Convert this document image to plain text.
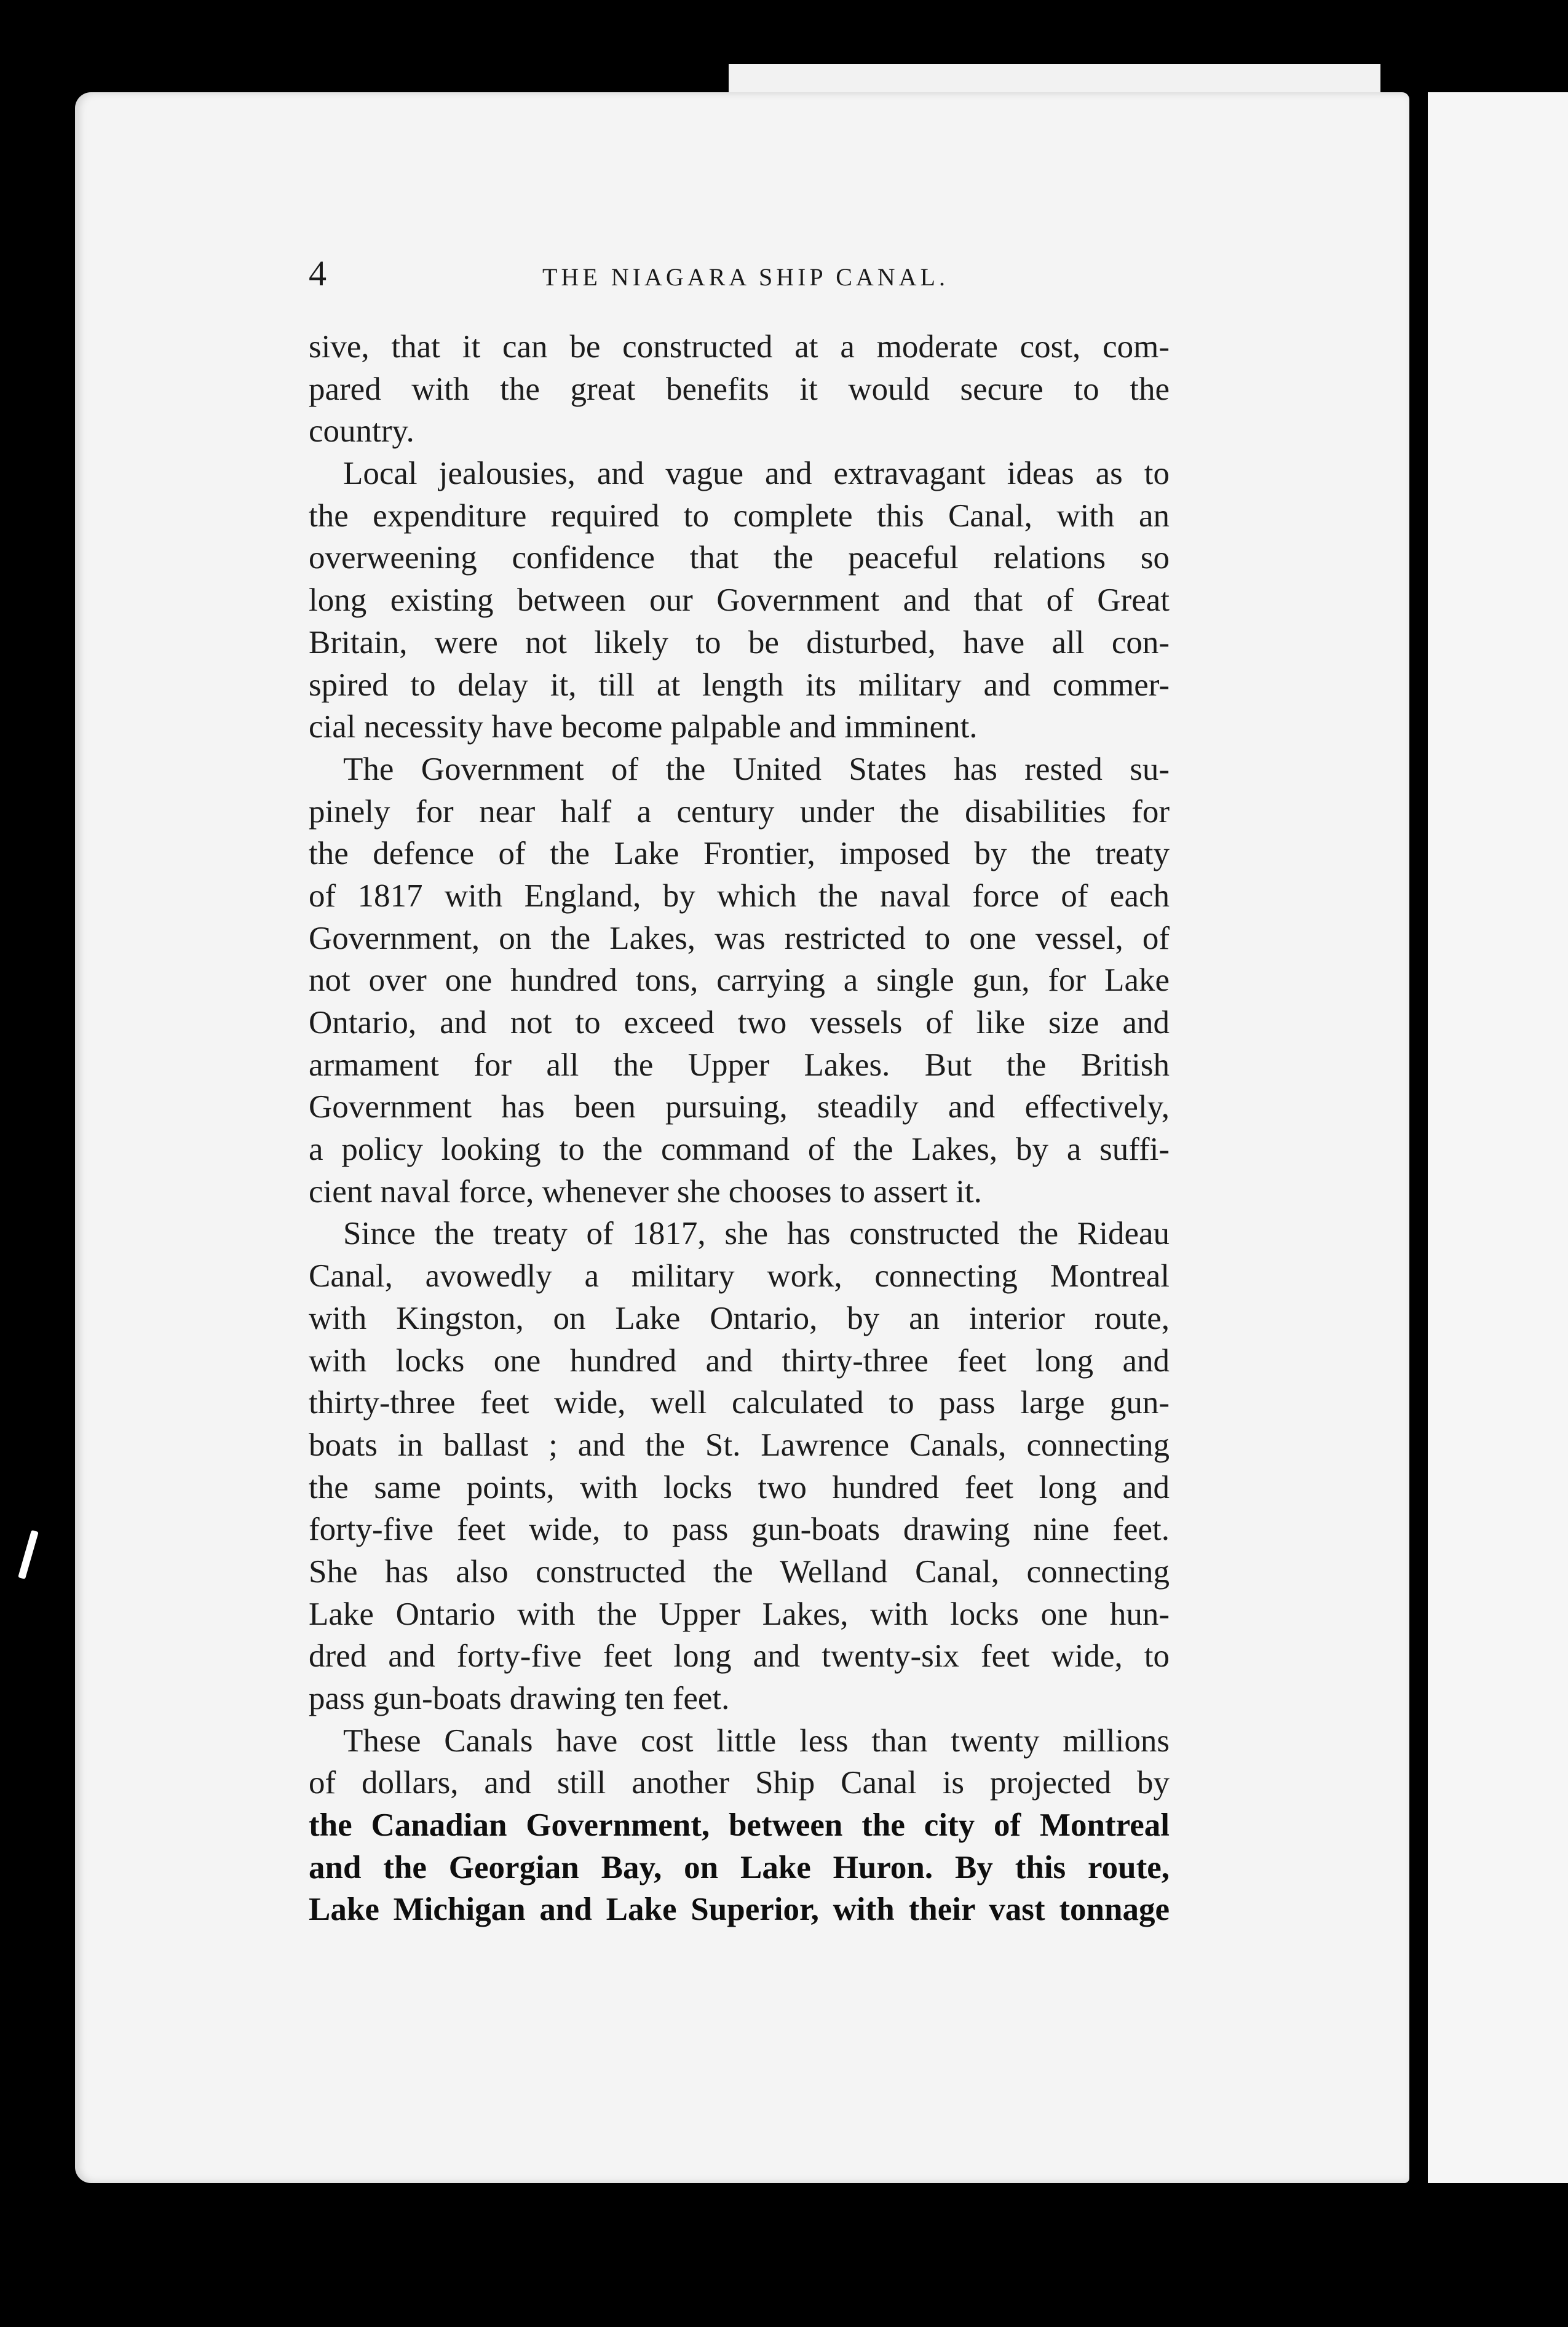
4	THE NIAGARA SHIP CANAL.
sive, that it can be constructed at a moderate cost, com-
pared with the great benefits it would secure to the
country.
Local jealousies, and vague and extravagant ideas as to
the expenditure required to complete this Canal, with an
overweening confidence that the peaceful relations so
long existing between our Government and that of Great
Britain, were not likely to be disturbed, have all con-
spired to delay it, till at length its military and commer-
cial necessity have become palpable and imminent.
The Government of the United States has rested su-
pinely for near half a century under the disabilities for
the defence of the Lake Frontier, imposed by the treaty
of 1817 with England, by which the naval force of each
Government, on the Lakes, was restricted to one vessel, of
not over one hundred tons, carrying a single gun, for Lake
Ontario, and not to exceed two vessels of like size and
armament for all the Upper Lakes. But the British
Government has been pursuing, steadily and effectively,
a policy looking to the command of the Lakes, by a suffi-
cient naval force, whenever she chooses to assert it.
Since the treaty of 1817, she has constructed the Rideau
Canal, avowedly a military work, connecting Montreal
with Kingston, on Lake Ontario, by an interior route,
with locks one hundred and thirty-three feet long and
thirty-three feet wide, well calculated to pass large gun-
boats in ballast ; and the St. Lawrence Canals, connecting
the same points, with locks two hundred feet long and
forty-five feet wide, to pass gun-boats drawing nine feet.
She has also constructed the Welland Canal, connecting
Lake Ontario with the Upper Lakes, with locks one hun-
dred and forty-five feet long and twenty-six feet wide, to
pass gun-boats drawing ten feet.
These Canals have cost little less than twenty millions
of dollars, and still another Ship Canal is projected by
the Canadian Government, between the city of Montreal
and the Georgian Bay, on Lake Huron. By this route,
Lake Michigan and Lake Superior, with their vast tonnage
